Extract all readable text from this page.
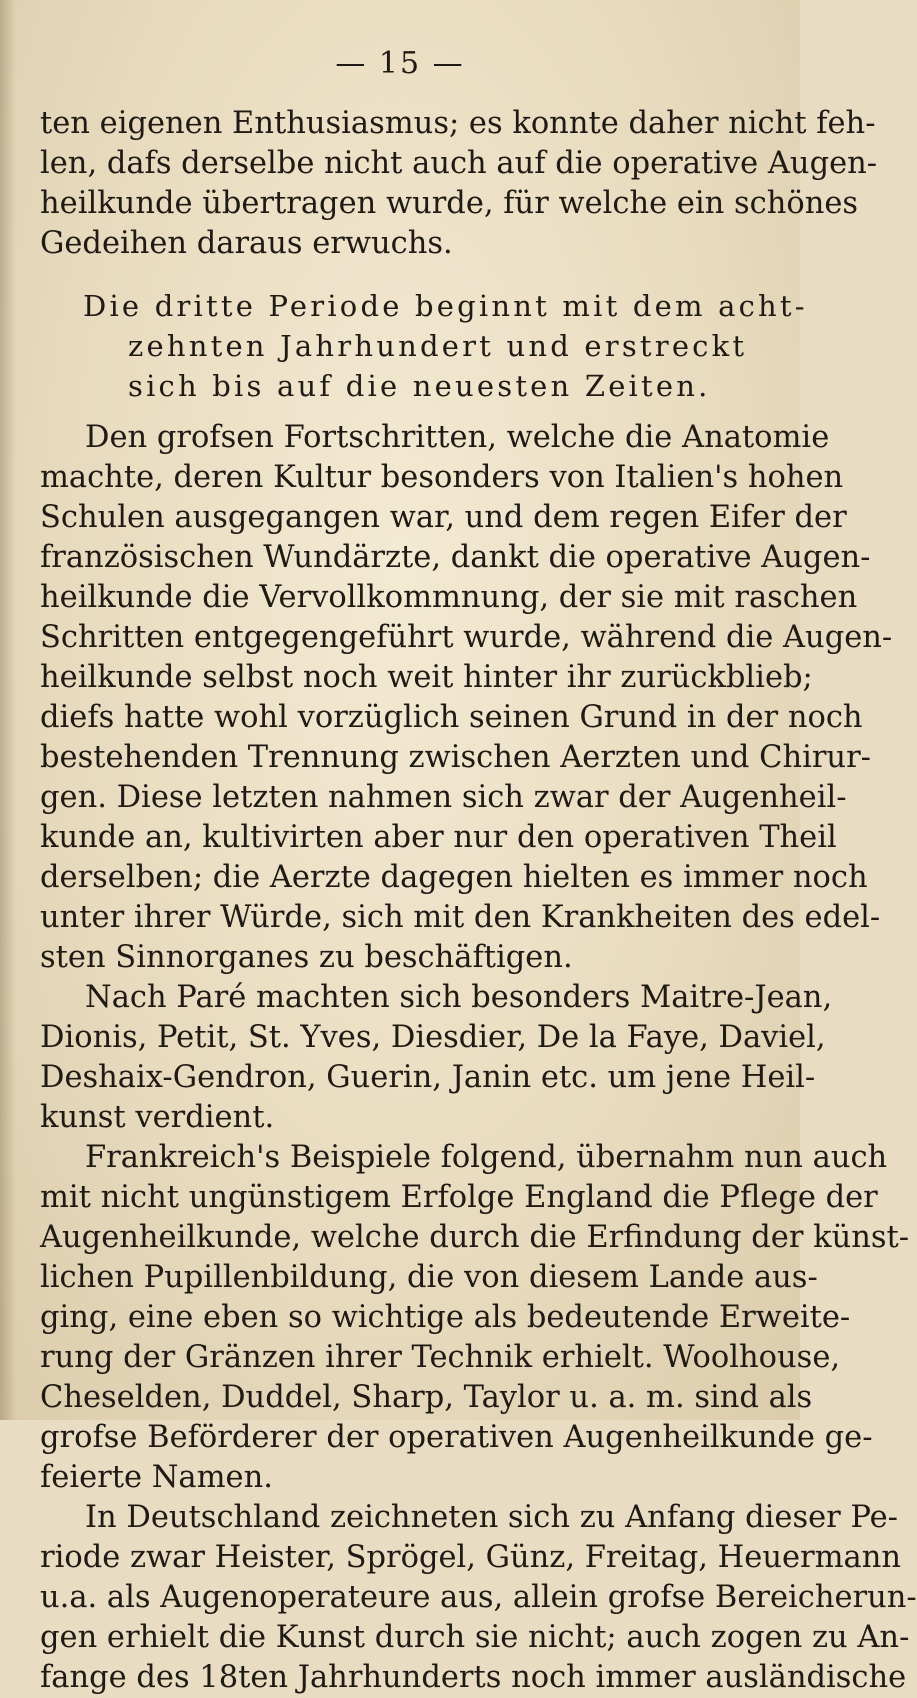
— 15 —
ten eigenen Enthusiasmus; es konnte daher nicht feh-
len, dafs derselbe nicht auch auf die operative Augen-
heilkunde übertragen wurde, für welche ein schönes
Gedeihen daraus erwuchs.
Die dritte Periode beginnt mit dem acht-
zehnten Jahrhundert und erstreckt
sich bis auf die neuesten Zeiten.
Den grofsen Fortschritten, welche die Anatomie
machte, deren Kultur besonders von Italien's hohen
Schulen ausgegangen war, und dem regen Eifer der
französischen Wundärzte, dankt die operative Augen-
heilkunde die Vervollkommnung, der sie mit raschen
Schritten entgegengeführt wurde, während die Augen-
heilkunde selbst noch weit hinter ihr zurückblieb;
diefs hatte wohl vorzüglich seinen Grund in der noch
bestehenden Trennung zwischen Aerzten und Chirur-
gen. Diese letzten nahmen sich zwar der Augenheil-
kunde an, kultivirten aber nur den operativen Theil
derselben; die Aerzte dagegen hielten es immer noch
unter ihrer Würde, sich mit den Krankheiten des edel-
sten Sinnorganes zu beschäftigen.
Nach Paré machten sich besonders Maitre-Jean,
Dionis, Petit, St. Yves, Diesdier, De la Faye, Daviel,
Deshaix-Gendron, Guerin, Janin etc. um jene Heil-
kunst verdient.
Frankreich's Beispiele folgend, übernahm nun auch
mit nicht ungünstigem Erfolge England die Pflege der
Augenheilkunde, welche durch die Erfindung der künst-
lichen Pupillenbildung, die von diesem Lande aus-
ging, eine eben so wichtige als bedeutende Erweite-
rung der Gränzen ihrer Technik erhielt. Woolhouse,
Cheselden, Duddel, Sharp, Taylor u. a. m. sind als
grofse Beförderer der operativen Augenheilkunde ge-
feierte Namen.
In Deutschland zeichneten sich zu Anfang dieser Pe-
riode zwar Heister, Sprögel, Günz, Freitag, Heuermann
u.a. als Augenoperateure aus, allein grofse Bereicherun-
gen erhielt die Kunst durch sie nicht; auch zogen zu An-
fange des 18ten Jahrhunderts noch immer ausländische
